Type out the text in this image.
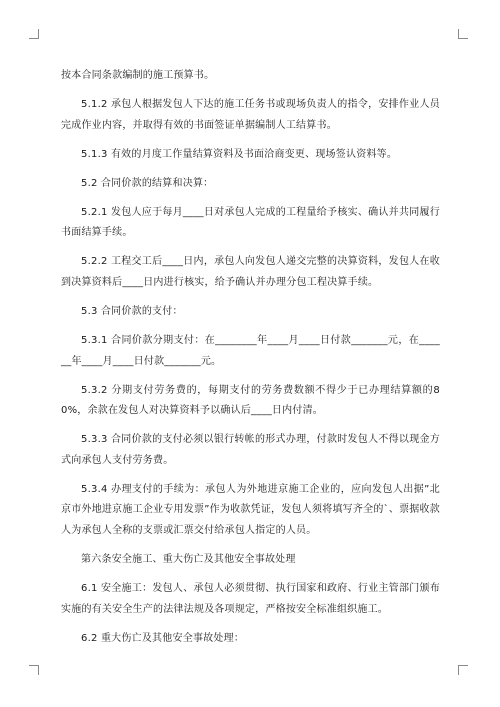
按本合同条款编制的施工预算书。

5.1.2 承包人根据发包人下达的施工任务书或现场负责人的指令，安排作业人员完成作业内容，并取得有效的书面签证单据编制人工结算书。

5.1.3 有效的月度工作量结算资料及书面洽商变更、现场签认资料等。

5.2 合同价款的结算和决算：

5.2.1 发包人应于每月____日对承包人完成的工程量给予核实、确认并共同履行书面结算手续。

5.2.2 工程交工后____日内，承包人向发包人递交完整的决算资料，发包人在收到决算资料后____日内进行核实，给予确认并办理分包工程决算手续。

5.3 合同价款的支付：

5.3.1 合同价款分期支付：在________年____月____日付款_______元，在______年____月____日付款_______元。

5.3.2 分期支付劳务费的，每期支付的劳务费数额不得少于已办理结算额的80%，余款在发包人对决算资料予以确认后____日内付清。

5.3.3 合同价款的支付必须以银行转帐的形式办理，付款时发包人不得以现金方式向承包人支付劳务费。

5.3.4 办理支付的手续为：承包人为外地进京施工企业的，应向发包人出据”北京市外地进京施工企业专用发票”作为收款凭证，发包人须将填写齐全的`、票据收款人为承包人全称的支票或汇票交付给承包人指定的人员。

第六条安全施工、重大伤亡及其他安全事故处理

6.1 安全施工：发包人、承包人必须贯彻、执行国家和政府、行业主管部门颁布实施的有关安全生产的法律法规及各项规定，严格按安全标准组织施工。

6.2 重大伤亡及其他安全事故处理：
